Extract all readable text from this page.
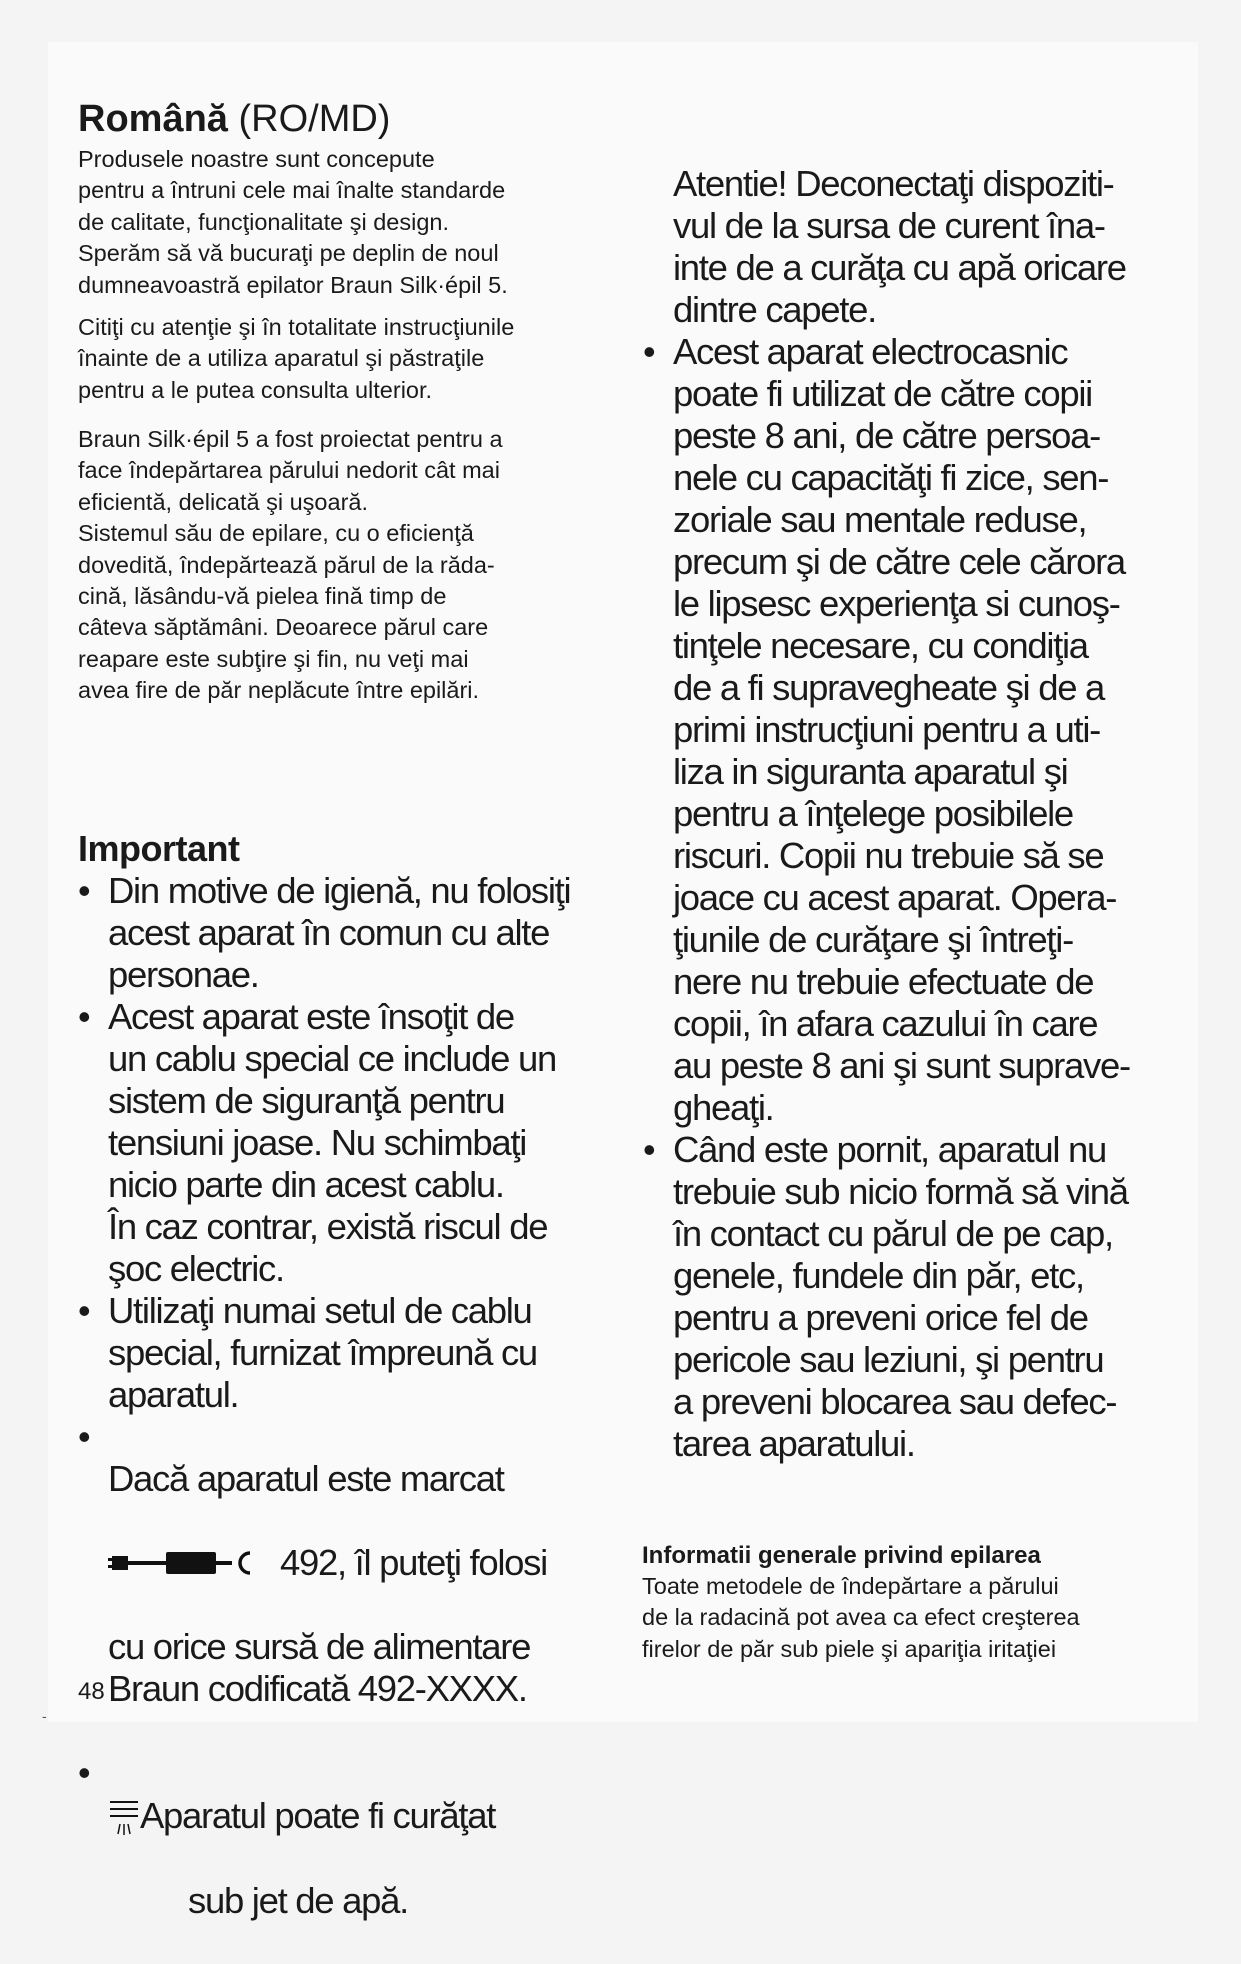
Română (RO/MD)

Produsele noastre sunt concepute
pentru a întruni cele mai înalte standarde
de calitate, funcţionalitate şi design.
Sperăm să vă bucuraţi pe deplin de noul
dumneavoastră epilator Braun Silk·épil 5.

Citiţi cu atenţie şi în totalitate instrucţiunile
înainte de a utiliza aparatul şi păstraţile
pentru a le putea consulta ulterior.

Braun Silk·épil 5 a fost proiectat pentru a
face îndepărtarea părului nedorit cât mai
eficientă, delicată şi uşoară.
Sistemul său de epilare, cu o eficienţă
dovedită, îndepărtează părul de la răda-
cină, lăsându-vă pielea fină timp de
câteva săptămâni. Deoarece părul care
reapare este subţire şi fin, nu veţi mai
avea fire de păr neplăcute între epilări.

Important
• Din motive de igienă, nu folosiţi
acest aparat în comun cu alte
personae.
• Acest aparat este însoţit de
un cablu special ce include un
sistem de siguranţă pentru
tensiuni joase. Nu schimbaţi
nicio parte din acest cablu.
În caz contrar, există riscul de
şoc electric.
• Utilizaţi numai setul de cablu
special, furnizat împreună cu
aparatul.
•

Dacă aparatul este marcat

492, îl puteţi folosi

cu orice sursă de alimentare
Braun codificată 492-XXXX.

•

Aparatul poate fi curăţat

sub jet de apă.

Atentie! Deconectaţi dispoziti-
vul de la sursa de curent îna-
inte de a curăţa cu apă oricare
dintre capete.

• Acest aparat electrocasnic
poate fi utilizat de către copii
peste 8 ani, de către persoa-
nele cu capacităţi fi zice, sen-
zoriale sau mentale reduse,
precum şi de către cele cărora
le lipsesc experienţa si cunoş-
tinţele necesare, cu condiţia
de a fi supravegheate şi de a
primi instrucţiuni pentru a uti-
liza in siguranta aparatul şi
pentru a înţelege posibilele
riscuri. Copii nu trebuie să se
joace cu acest aparat. Opera-
ţiunile de curăţare şi întreţi-
nere nu trebuie efectuate de
copii, în afara cazului în care
au peste 8 ani şi sunt suprave-
gheaţi.
• Când este pornit, aparatul nu
trebuie sub nicio formă să vină
în contact cu părul de pe cap,
genele, fundele din păr, etc,
pentru a preveni orice fel de
pericole sau leziuni, şi pentru
a preveni blocarea sau defec-
tarea aparatului.
Informatii generale privind epilarea

Toate metodele de îndepărtare a părului
de la radacină pot avea ca efect creşterea
firelor de păr sub piele şi apariţia iritaţiei

48

-
